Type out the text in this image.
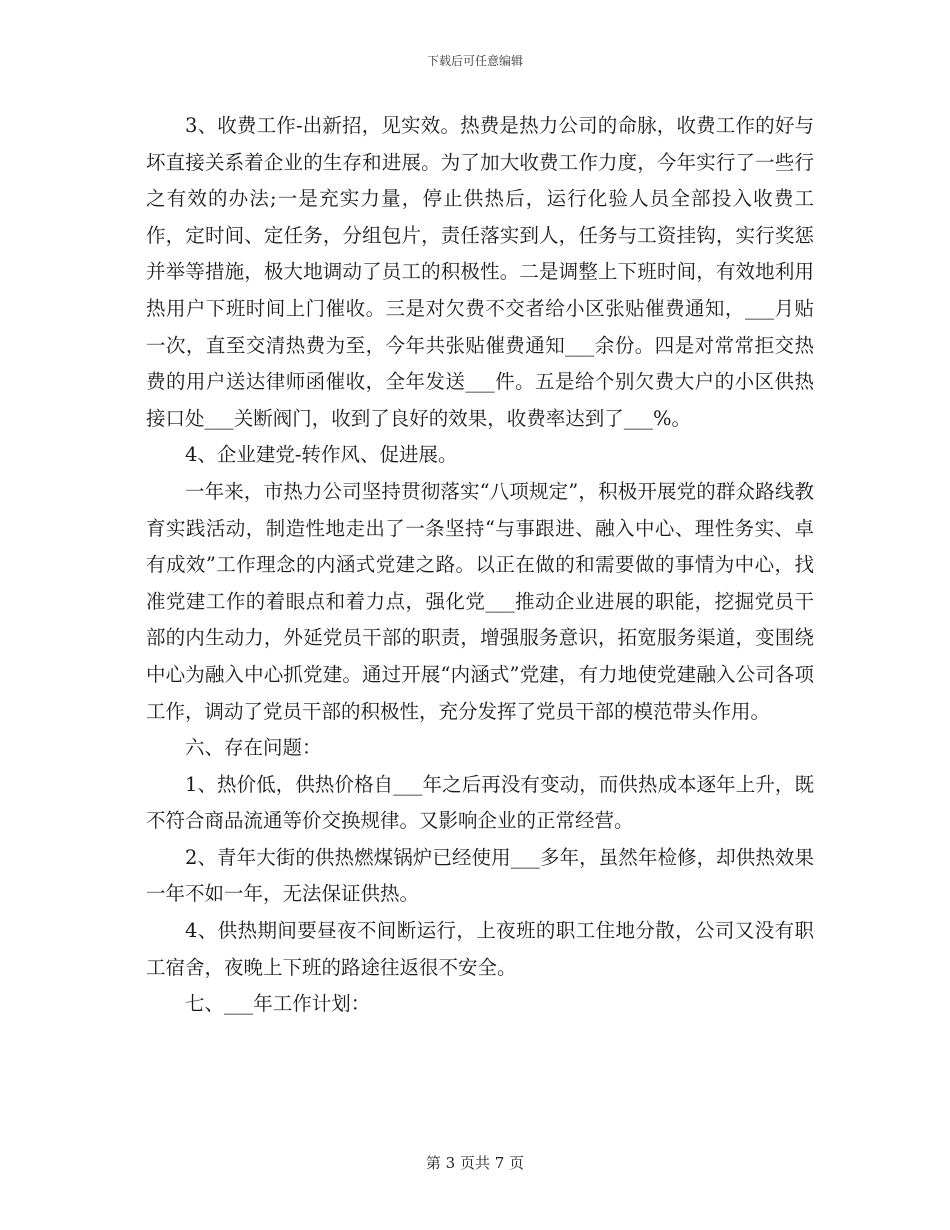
下载后可任意编辑

3、收费工作-出新招，见实效。热费是热力公司的命脉，收费工作的好与坏直接关系着企业的生存和进展。为了加大收费工作力度，今年实行了一些行之有效的办法;一是充实力量，停止供热后，运行化验人员全部投入收费工作，定时间、定任务，分组包片，责任落实到人，任务与工资挂钩，实行奖惩并举等措施，极大地调动了员工的积极性。二是调整上下班时间，有效地利用热用户下班时间上门催收。三是对欠费不交者给小区张贴催费通知，___月贴一次，直至交清热费为至，今年共张贴催费通知___余份。四是对常常拒交热费的用户送达律师函催收，全年发送___件。五是给个别欠费大户的小区供热接口处___关断阀门，收到了良好的效果，收费率达到了___%。

4、企业建党-转作风、促进展。

一年来，市热力公司坚持贯彻落实“八项规定”，积极开展党的群众路线教育实践活动，制造性地走出了一条坚持“与事跟进、融入中心、理性务实、卓有成效”工作理念的内涵式党建之路。以正在做的和需要做的事情为中心，找准党建工作的着眼点和着力点，强化党___推动企业进展的职能，挖掘党员干部的内生动力，外延党员干部的职责，增强服务意识，拓宽服务渠道，变围绕中心为融入中心抓党建。通过开展“内涵式”党建，有力地使党建融入公司各项工作，调动了党员干部的积极性，充分发挥了党员干部的模范带头作用。

六、存在问题：

1、热价低，供热价格自___年之后再没有变动，而供热成本逐年上升，既不符合商品流通等价交换规律。又影响企业的正常经营。

2、青年大街的供热燃煤锅炉已经使用___多年，虽然年检修，却供热效果一年不如一年，无法保证供热。

4、供热期间要昼夜不间断运行，上夜班的职工住地分散，公司又没有职工宿舍，夜晚上下班的路途往返很不安全。

七、___年工作计划：

第 3 页共 7 页
